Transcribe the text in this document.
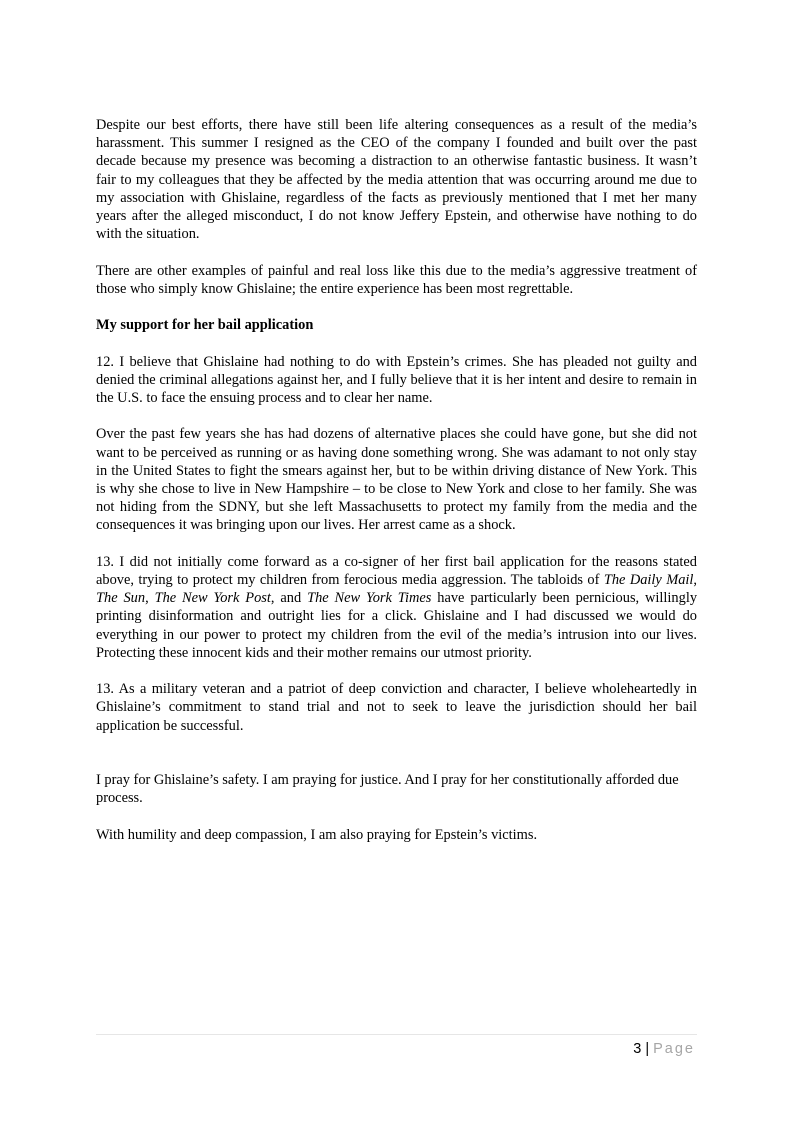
Despite our best efforts, there have still been life altering consequences as a result of the media’s harassment. This summer I resigned as the CEO of the company I founded and built over the past decade because my presence was becoming a distraction to an otherwise fantastic business. It wasn’t fair to my colleagues that they be affected by the media attention that was occurring around me due to my association with Ghislaine, regardless of the facts as previously mentioned that I met her many years after the alleged misconduct, I do not know Jeffery Epstein, and otherwise have nothing to do with the situation.

There are other examples of painful and real loss like this due to the media’s aggressive treatment of those who simply know Ghislaine; the entire experience has been most regrettable.

My support for her bail application

12. I believe that Ghislaine had nothing to do with Epstein’s crimes. She has pleaded not guilty and denied the criminal allegations against her, and I fully believe that it is her intent and desire to remain in the U.S. to face the ensuing process and to clear her name.

Over the past few years she has had dozens of alternative places she could have gone, but she did not want to be perceived as running or as having done something wrong. She was adamant to not only stay in the United States to fight the smears against her, but to be within driving distance of New York. This is why she chose to live in New Hampshire – to be close to New York and close to her family. She was not hiding from the SDNY, but she left Massachusetts to protect my family from the media and the consequences it was bringing upon our lives. Her arrest came as a shock.

13. I did not initially come forward as a co-signer of her first bail application for the reasons stated above, trying to protect my children from ferocious media aggression. The tabloids of The Daily Mail, The Sun, The New York Post, and The New York Times have particularly been pernicious, willingly printing disinformation and outright lies for a click. Ghislaine and I had discussed we would do everything in our power to protect my children from the evil of the media’s intrusion into our lives. Protecting these innocent kids and their mother remains our utmost priority.

13. As a military veteran and a patriot of deep conviction and character, I believe wholeheartedly in Ghislaine’s commitment to stand trial and not to seek to leave the jurisdiction should her bail application be successful.

I pray for Ghislaine’s safety. I am praying for justice. And I pray for her constitutionally afforded due process.

With humility and deep compassion, I am also praying for Epstein’s victims.

3 | Page
